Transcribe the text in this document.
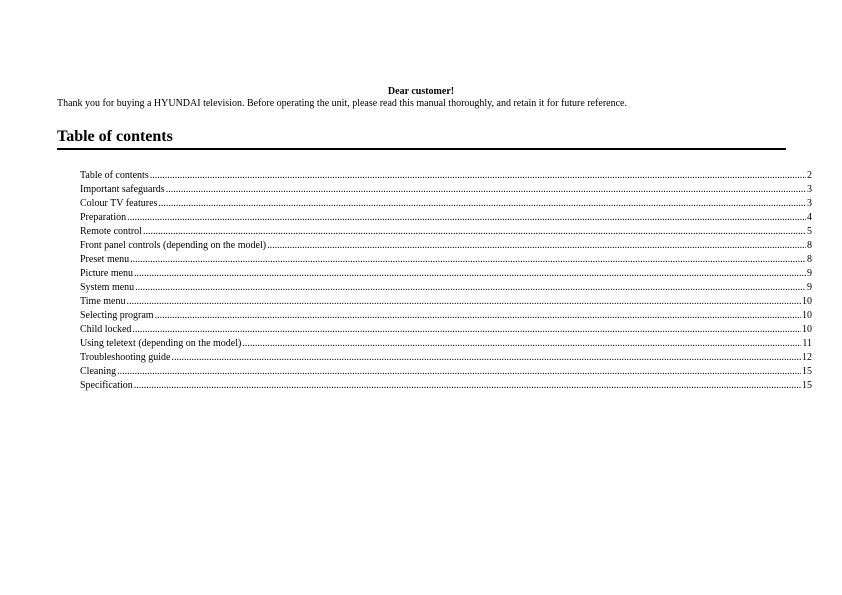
Dear customer!
Thank you for buying a HYUNDAI television. Before operating the unit, please read this manual thoroughly, and retain it for future reference.
Table of contents
Table of contents .....	2
Important safeguards .....	3
Colour TV features .....	3
Preparation .....	4
Remote control .....	5
Front panel controls (depending on the model) .....	8
Preset menu .....	8
Picture menu .....	9
System menu .....	9
Time menu .....	10
Selecting program .....	10
Child locked .....	10
Using teletext (depending on the model) .....	11
Troubleshooting guide .....	12
Cleaning .....	15
Specification .....	15
